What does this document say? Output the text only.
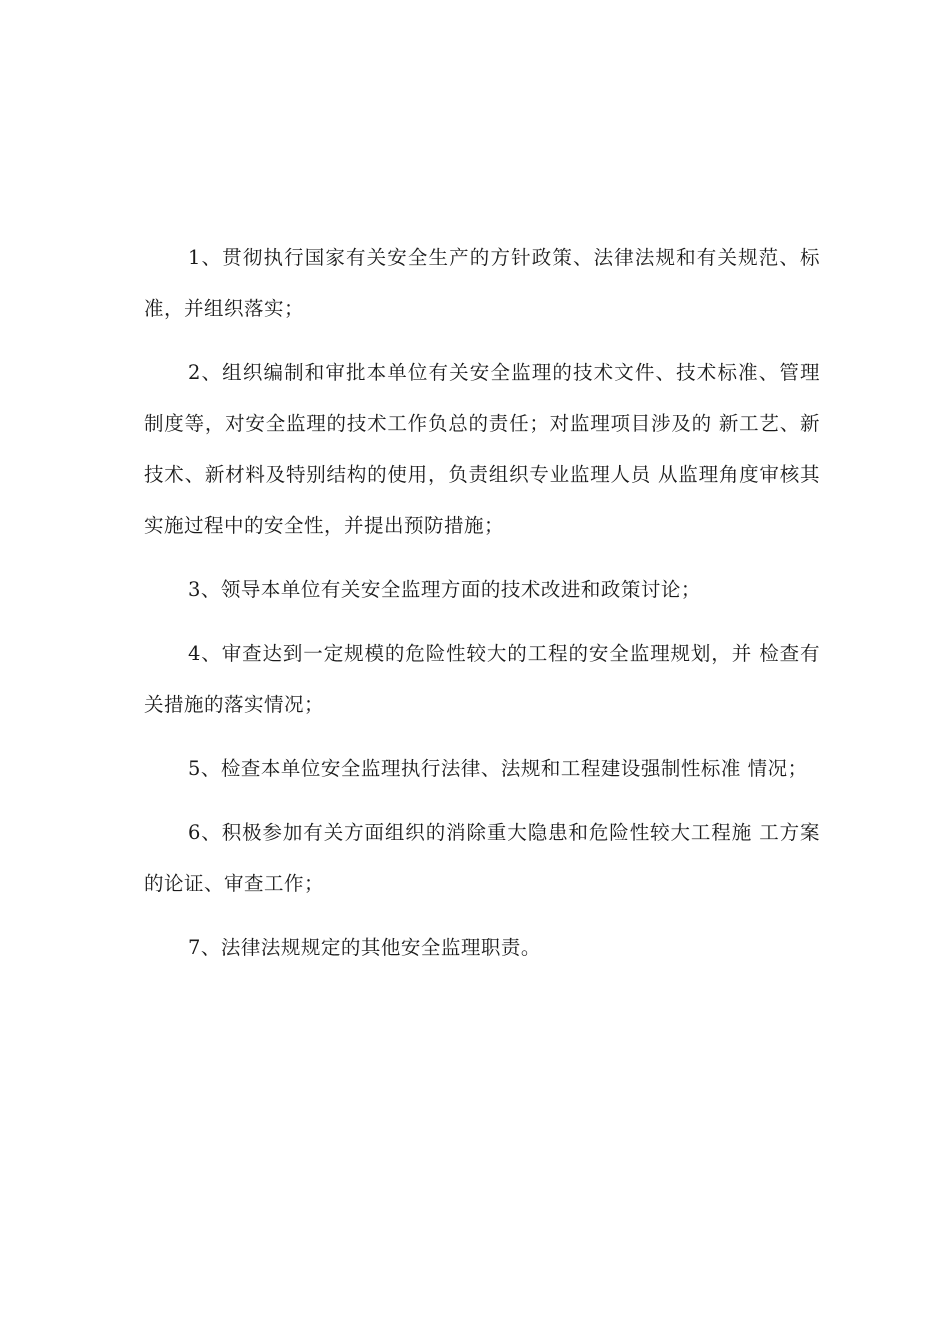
1、贯彻执行国家有关安全生产的方针政策、法律法规和有关规范、标准，并组织落实；

2、组织编制和审批本单位有关安全监理的技术文件、技术标准、管理制度等，对安全监理的技术工作负总的责任；对监理项目涉及的 新工艺、新技术、新材料及特别结构的使用，负责组织专业监理人员 从监理角度审核其实施过程中的安全性，并提出预防措施；

3、领导本单位有关安全监理方面的技术改进和政策讨论；

4、审查达到一定规模的危险性较大的工程的安全监理规划，并 检查有关措施的落实情况；

5、检查本单位安全监理执行法律、法规和工程建设强制性标准 情况；

6、积极参加有关方面组织的消除重大隐患和危险性较大工程施 工方案的论证、审查工作；

7、法律法规规定的其他安全监理职责。
